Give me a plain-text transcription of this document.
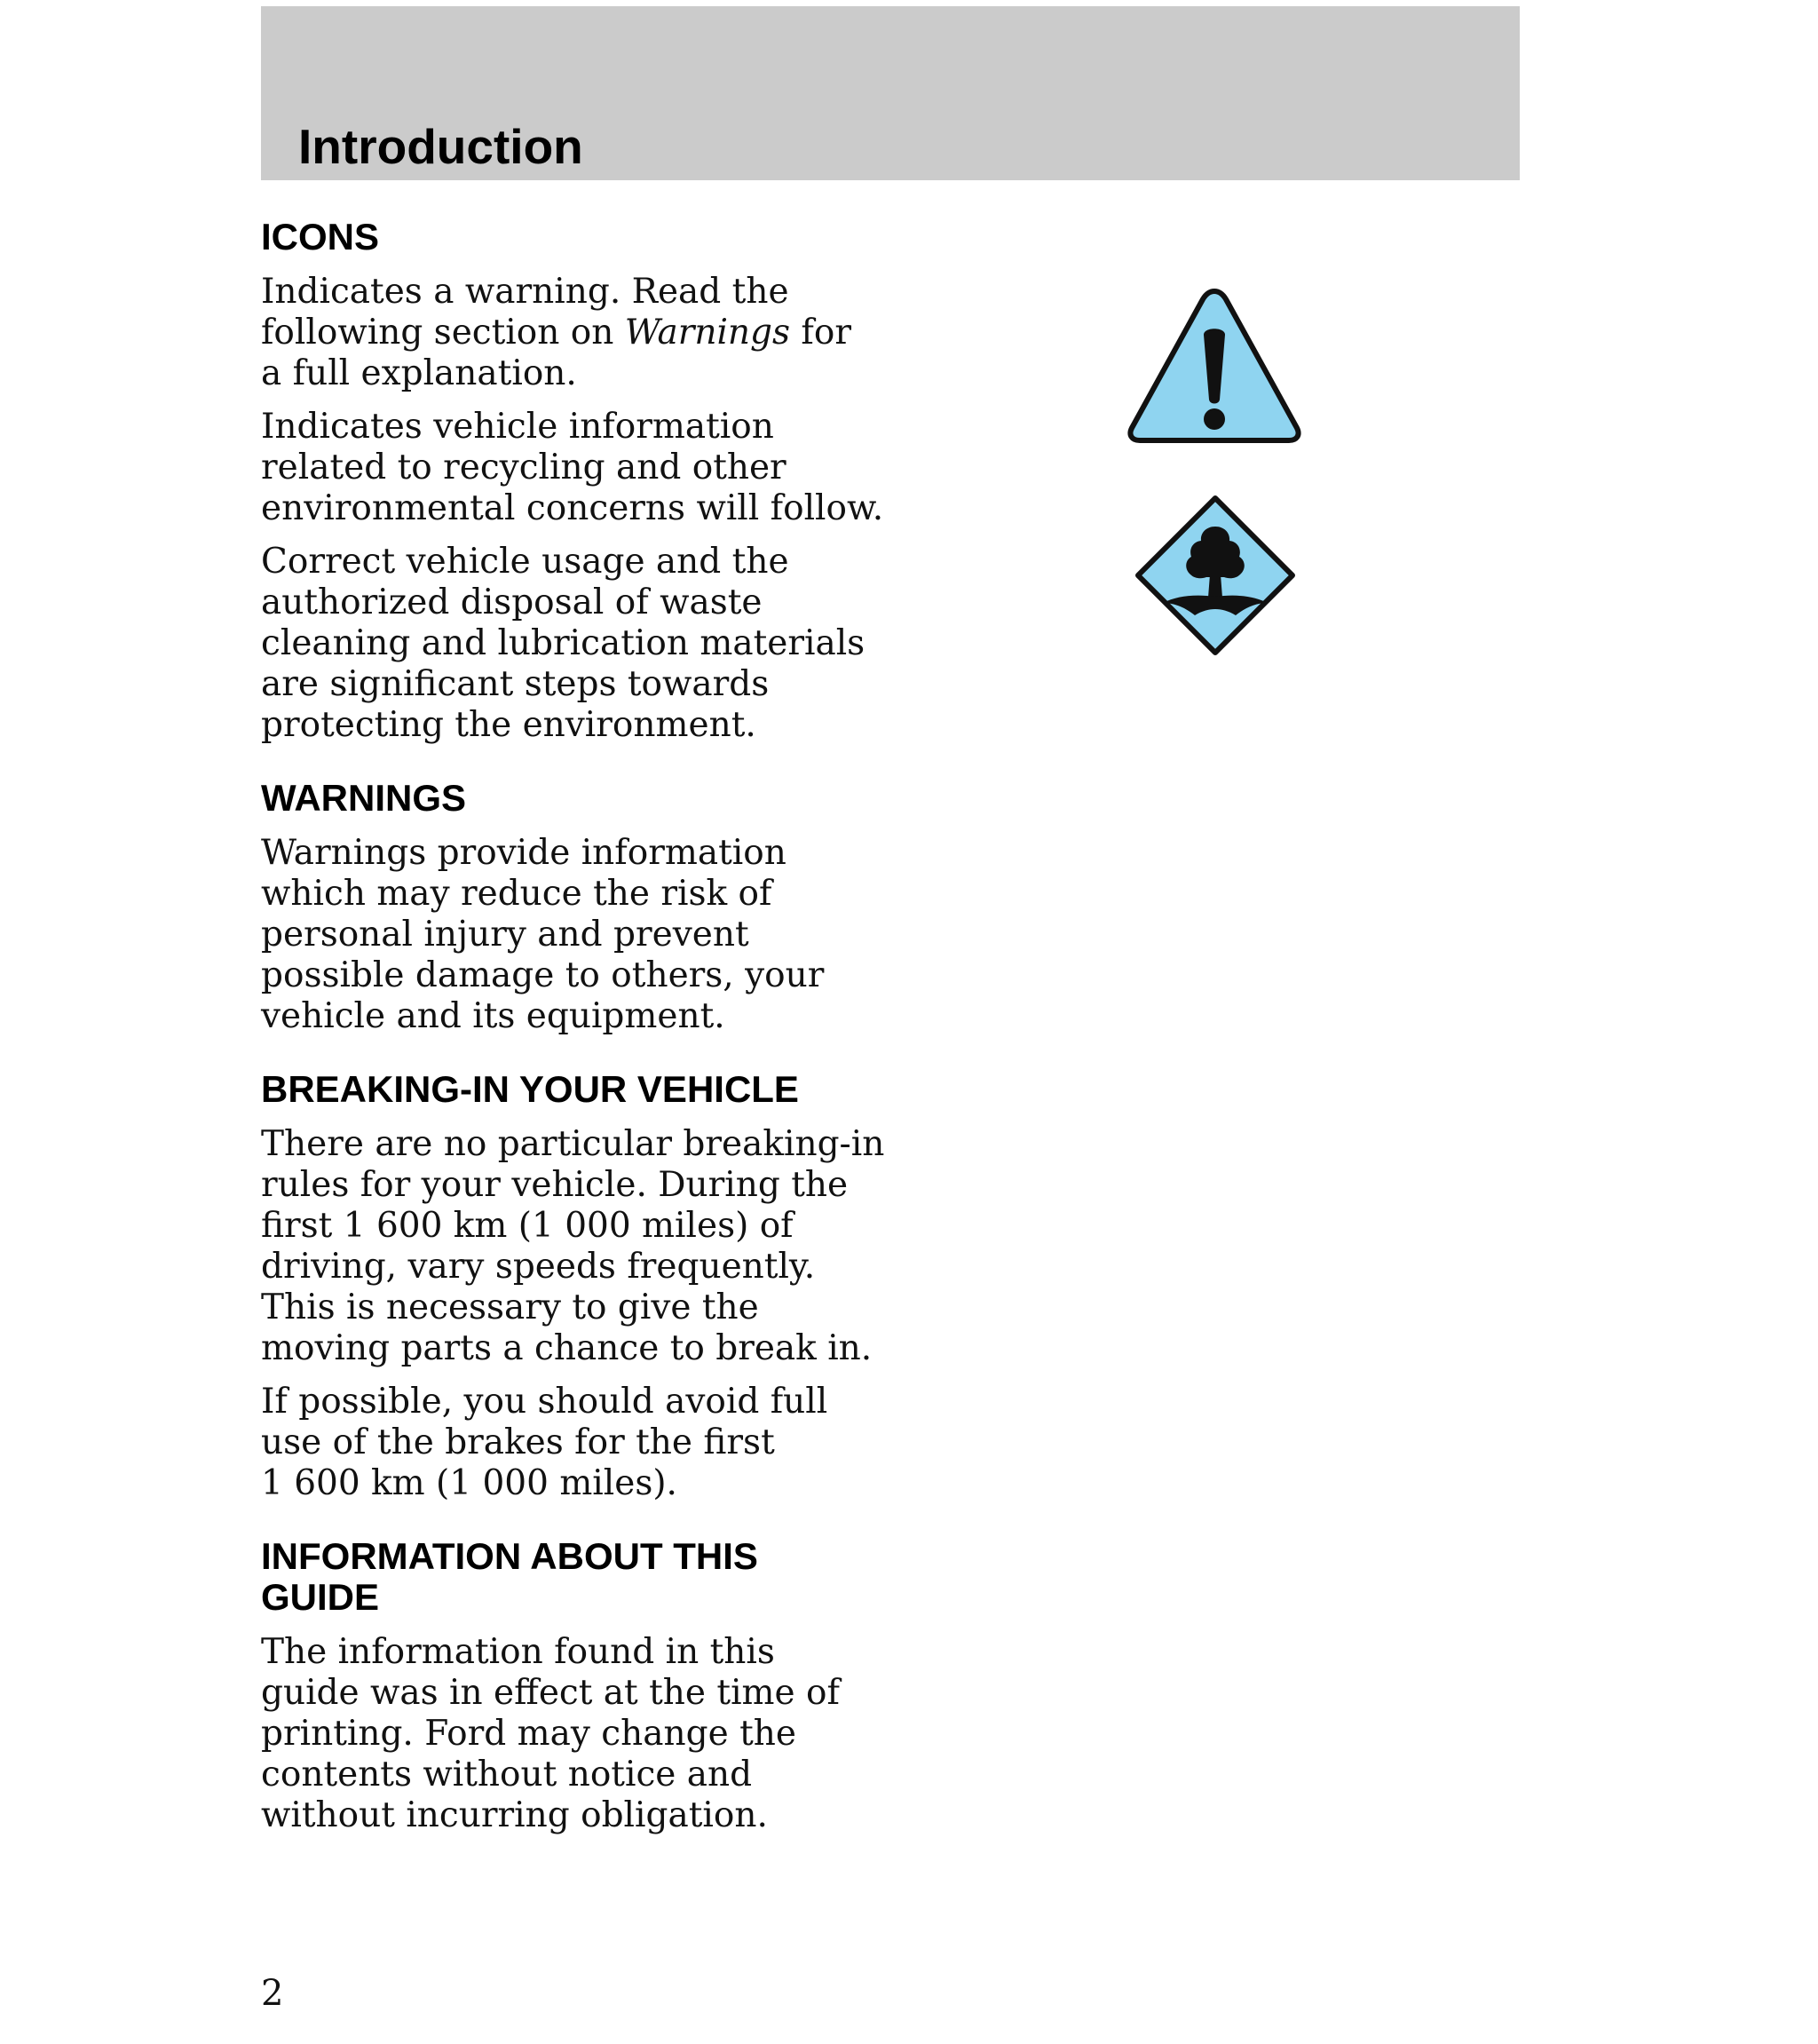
Introduction
ICONS

Indicates a warning. Read the
following section on Warnings for
a full explanation.

Indicates vehicle information
related to recycling and other
environmental concerns will follow.

Correct vehicle usage and the
authorized disposal of waste
cleaning and lubrication materials
are significant steps towards
protecting the environment.

WARNINGS

Warnings provide information
which may reduce the risk of
personal injury and prevent
possible damage to others, your
vehicle and its equipment.

BREAKING-IN YOUR VEHICLE

There are no particular breaking-in
rules for your vehicle. During the
first 1 600 km (1 000 miles) of
driving, vary speeds frequently.
This is necessary to give the
moving parts a chance to break in.

If possible, you should avoid full
use of the brakes for the first
1 600 km (1 000 miles).

INFORMATION ABOUT THIS
GUIDE

The information found in this
guide was in effect at the time of
printing. Ford may change the
contents without notice and
without incurring obligation.

2
